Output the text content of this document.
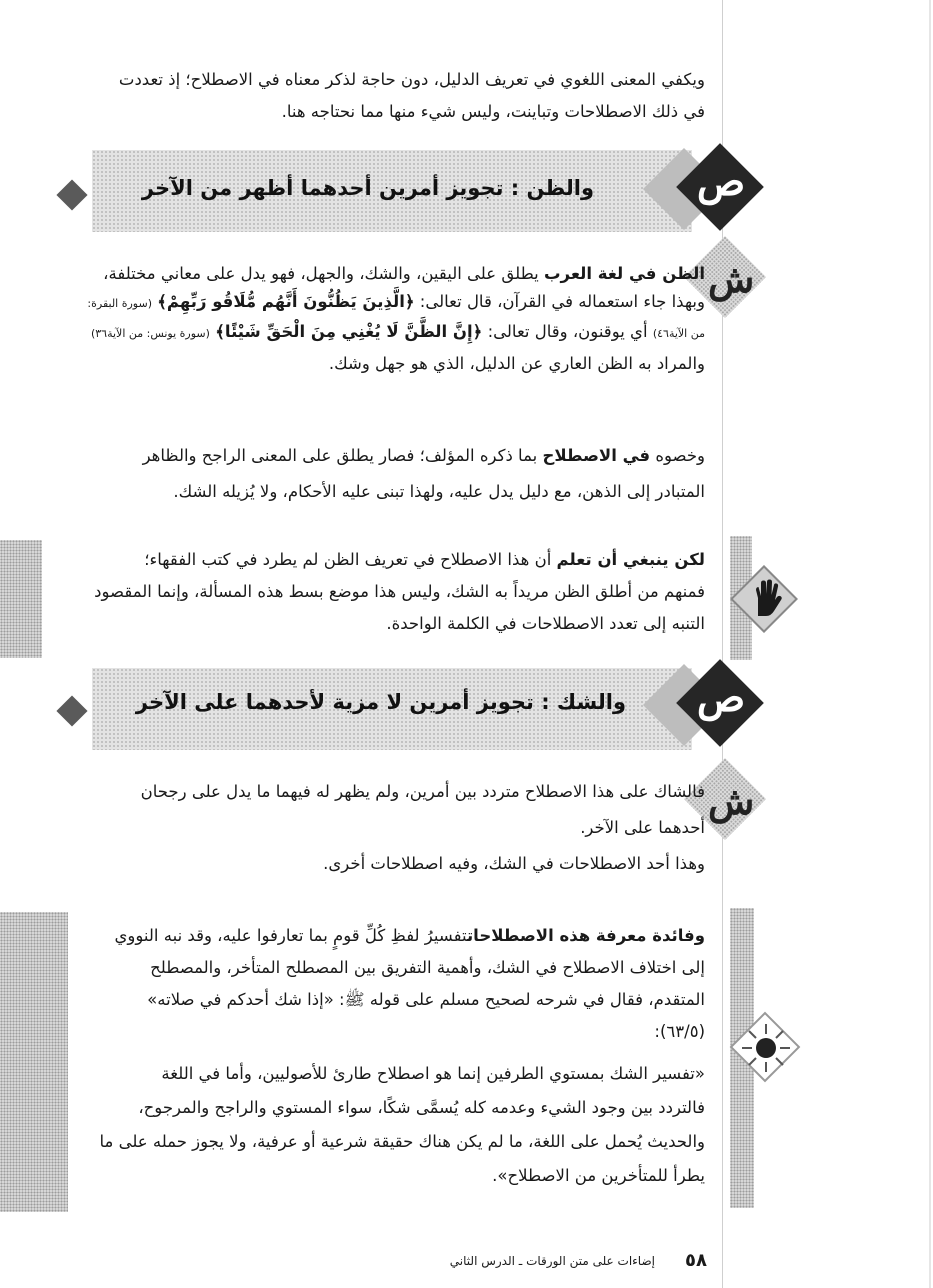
ويكفي المعنى اللغوي في تعريف الدليل، دون حاجة لذكر معناه في الاصطلاح؛ إذ تعددت

في ذلك الاصطلاحات وتباينت، وليس شيء منها مما نحتاجه هنا.

والظن : تجويز أمرين أحدهما أظهر من الآخر	ص
ش

الظن في لغة العرب يطلق على اليقين، والشك، والجهل، فهو يدل على معاني مختلفة،

وبهذا جاء استعماله في القرآن، قال تعالى: ﴿الَّذِينَ يَظُنُّونَ أَنَّهُم مُّلَاقُو رَبِّهِمْ﴾ (سورة البقرة:

من الآية٤٦) أي يوقنون، وقال تعالى: ﴿إِنَّ الظَّنَّ لَا يُغْنِي مِنَ الْحَقِّ شَيْئًا﴾ (سورة يونس: من الآية٣٦)

والمراد به الظن العاري عن الدليل، الذي هو جهل وشك.

وخصوه في الاصطلاح بما ذكره المؤلف؛ فصار يطلق على المعنى الراجح والظاهر

المتبادر إلى الذهن، مع دليل يدل عليه، ولهذا تبنى عليه الأحكام، ولا يُزيله الشك.

لكن ينبغي أن تعلم أن هذا الاصطلاح في تعريف الظن لم يطرد في كتب الفقهاء؛

فمنهم من أطلق الظن مريداً به الشك، وليس هذا موضع بسط هذه المسألة، وإنما المقصود

التنبه إلى تعدد الاصطلاحات في الكلمة الواحدة.

والشك : تجويز أمرين لا مزية لأحدهما على الآخر ص
ش

فالشاك على هذا الاصطلاح متردد بين أمرين، ولم يظهر له فيهما ما يدل على رجحان

أحدهما على الآخر.

وهذا أحد الاصطلاحات في الشك، وفيه اصطلاحات أخرى.

وفائدة معرفة هذه الاصطلاحاتتفسيرُ لفظِ كُلِّ قومٍ بما تعارفوا عليه، وقد نبه النووي

إلى اختلاف الاصطلاح في الشك، وأهمية التفريق بين المصطلح المتأخر، والمصطلح

المتقدم، فقال في شرحه لصحيح مسلم على قوله ﷺ: «إذا شك أحدكم في صلاته»

(٦٣/٥):

«تفسير الشك بمستوي الطرفين إنما هو اصطلاح طارئ للأصوليين، وأما في اللغة

فالتردد بين وجود الشيء وعدمه كله يُسمَّى شكًا، سواء المستوي والراجح والمرجوح،

والحديث يُحمل على اللغة، ما لم يكن هناك حقيقة شرعية أو عرفية، ولا يجوز حمله على ما

يطرأ للمتأخرين من الاصطلاح».

٥٨
إضاءات على متن الورقات ـ الدرس الثاني
